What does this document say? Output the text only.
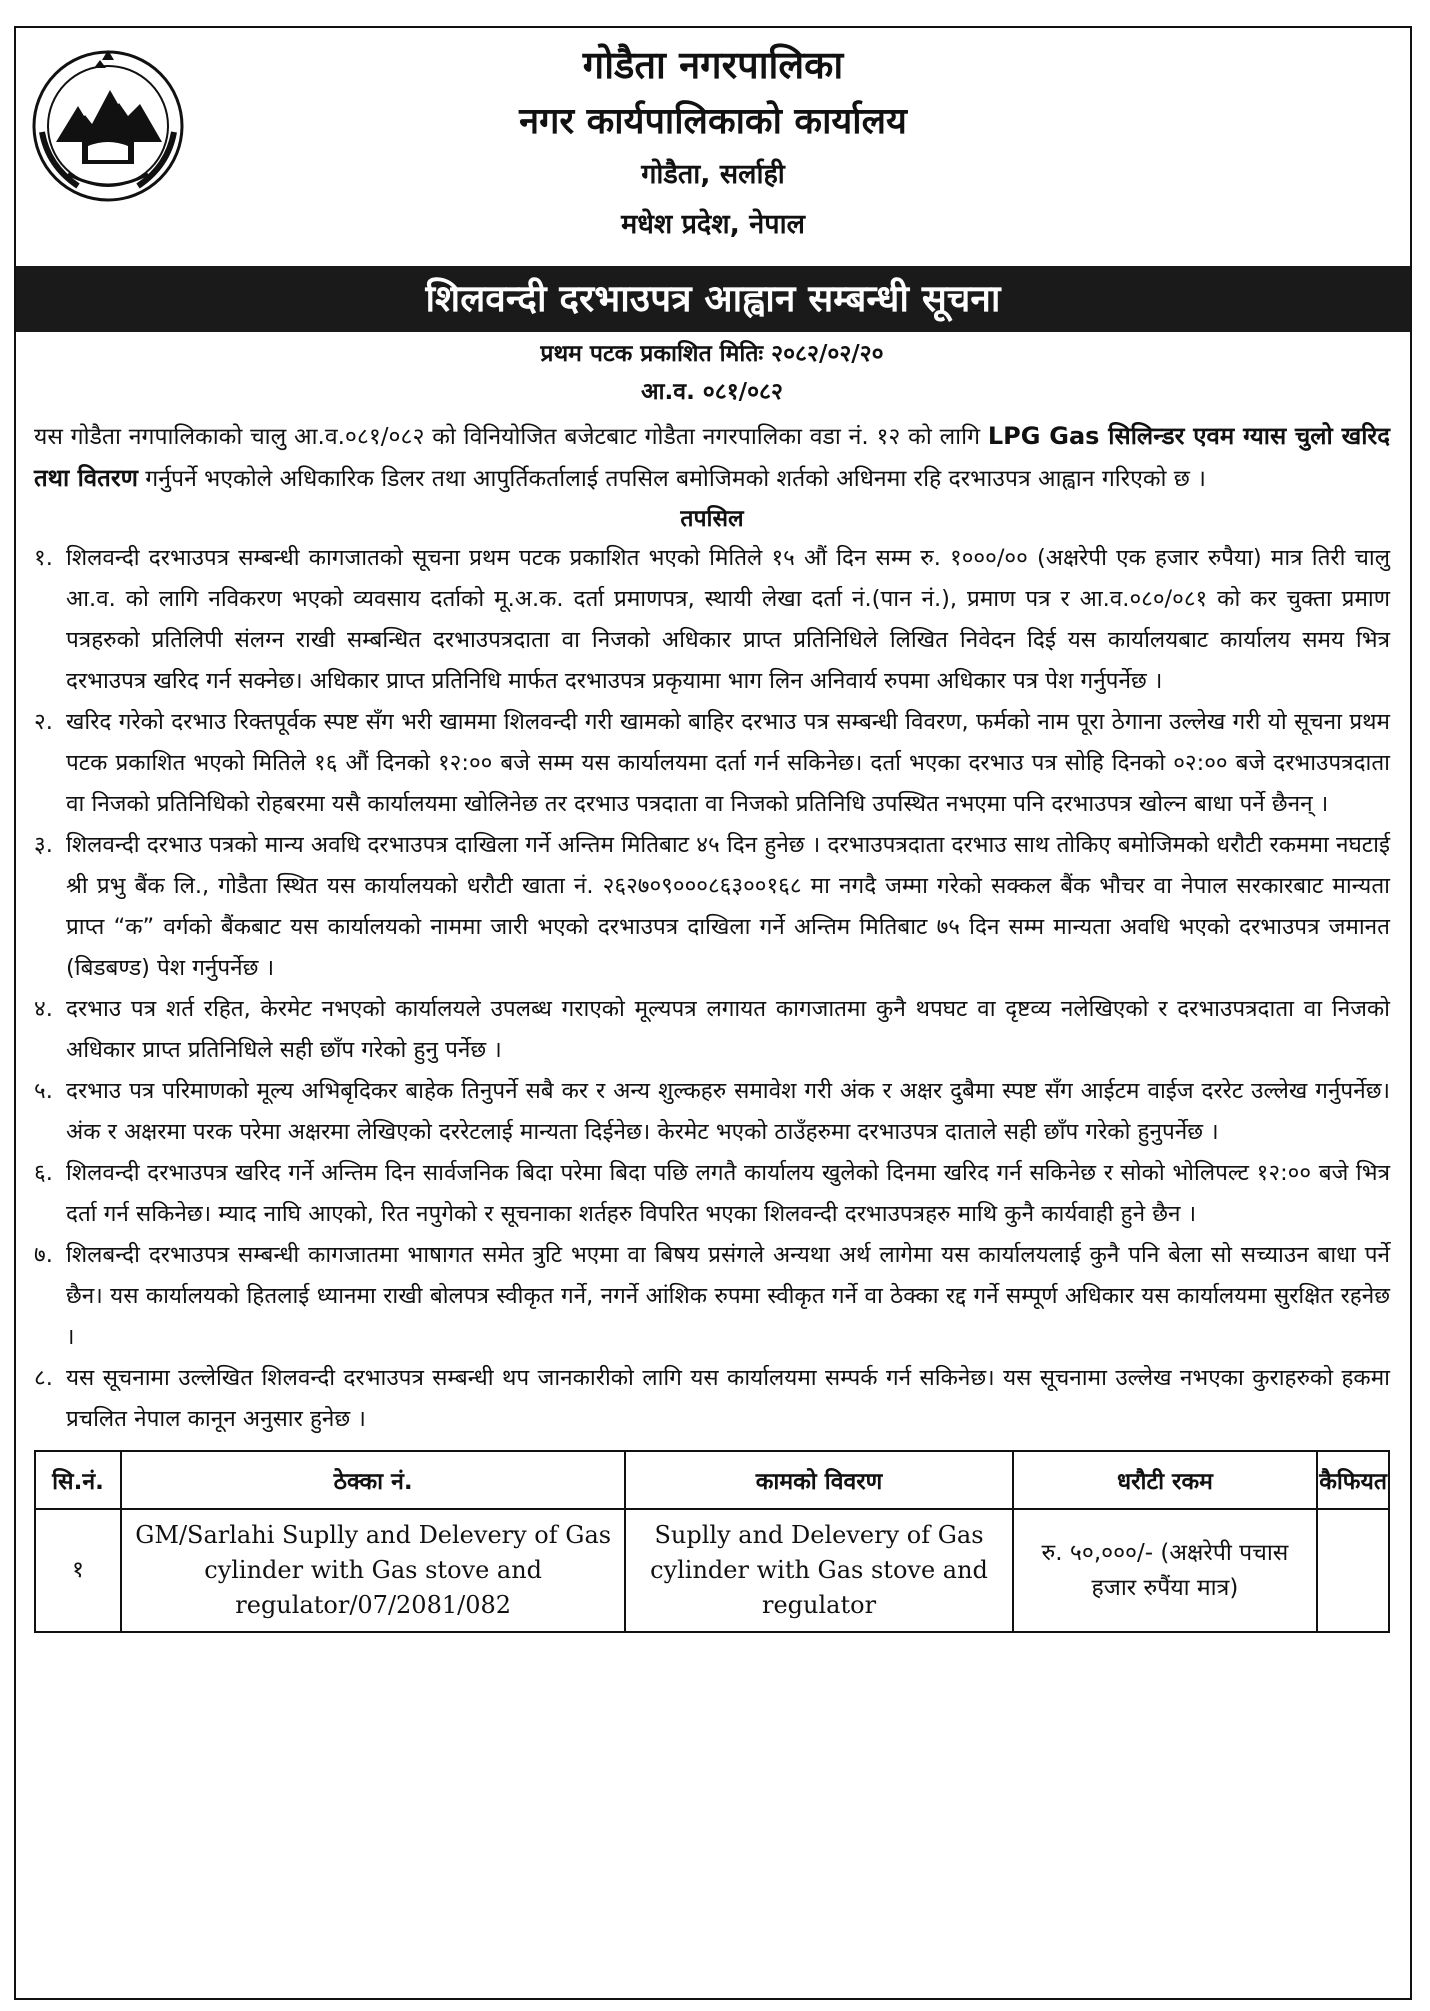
गोडैता नगरपालिका
नगर कार्यपालिकाको कार्यालय
गोडैता, सर्लाही
मधेश प्रदेश, नेपाल
शिलवन्दी दरभाउपत्र आह्वान सम्बन्धी सूचना
प्रथम पटक प्रकाशित मितिः २०८२/०२/२०
आ.व. ०८१/०८२

यस गोडैता नगपालिकाको चालु आ.व.०८१/०८२ को विनियोजित बजेटबाट गोडैता नगरपालिका वडा नं. १२ को लागि LPG Gas सिलिन्डर एवम ग्यास चुलो खरिद तथा वितरण गर्नुपर्ने भएकोले अधिकारिक डिलर तथा आपुर्तिकर्तालाई तपसिल बमोजिमको शर्तको अधिनमा रहि दरभाउपत्र आह्वान गरिएको छ ।

तपसिल
१. शिलवन्दी दरभाउपत्र सम्बन्धी कागजातको सूचना प्रथम पटक प्रकाशित भएको मितिले १५ औं दिन सम्म रु. १०००/०० (अक्षरेपी एक हजार रुपैया) मात्र तिरी चालु आ.व. को लागि नविकरण भएको व्यवसाय दर्ताको मू.अ.क. दर्ता प्रमाणपत्र, स्थायी लेखा दर्ता नं.(पान नं.), प्रमाण पत्र र आ.व.०८०/०८१ को कर चुक्ता प्रमाण पत्रहरुको प्रतिलिपी संलग्न राखी सम्बन्धित दरभाउपत्रदाता वा निजको अधिकार प्राप्त प्रतिनिधिले लिखित निवेदन दिई यस कार्यालयबाट कार्यालय समय भित्र दरभाउपत्र खरिद गर्न सक्नेछ। अधिकार प्राप्त प्रतिनिधि मार्फत दरभाउपत्र प्रकृयामा भाग लिन अनिवार्य रुपमा अधिकार पत्र पेश गर्नुपर्नेछ ।
२. खरिद गरेको दरभाउ रिक्तपूर्वक स्पष्ट सँग भरी खाममा शिलवन्दी गरी खामको बाहिर दरभाउ पत्र सम्बन्धी विवरण, फर्मको नाम पूरा ठेगाना उल्लेख गरी यो सूचना प्रथम पटक प्रकाशित भएको मितिले १६ औं दिनको १२:०० बजे सम्म यस कार्यालयमा दर्ता गर्न सकिनेछ। दर्ता भएका दरभाउ पत्र सोहि दिनको ०२:०० बजे दरभाउपत्रदाता वा निजको प्रतिनिधिको रोहबरमा यसै कार्यालयमा खोलिनेछ तर दरभाउ पत्रदाता वा निजको प्रतिनिधि उपस्थित नभएमा पनि दरभाउपत्र खोल्न बाधा पर्ने छैनन् ।
३. शिलवन्दी दरभाउ पत्रको मान्य अवधि दरभाउपत्र दाखिला गर्ने अन्तिम मितिबाट ४५ दिन हुनेछ । दरभाउपत्रदाता दरभाउ साथ तोकिए बमोजिमको धरौटी रकममा नघटाई श्री प्रभु बैंक लि., गोडैता स्थित यस कार्यालयको धरौटी खाता नं. २६२७०९०००८६३००१६८ मा नगदै जम्मा गरेको सक्कल बैंक भौचर वा नेपाल सरकारबाट मान्यता प्राप्त “क” वर्गको बैंकबाट यस कार्यालयको नाममा जारी भएको दरभाउपत्र दाखिला गर्ने अन्तिम मितिबाट ७५ दिन सम्म मान्यता अवधि भएको दरभाउपत्र जमानत (बिडबण्ड) पेश गर्नुपर्नेछ ।
४. दरभाउ पत्र शर्त रहित, केरमेट नभएको कार्यालयले उपलब्ध गराएको मूल्यपत्र लगायत कागजातमा कुनै थपघट वा दृष्टव्य नलेखिएको र दरभाउपत्रदाता वा निजको अधिकार प्राप्त प्रतिनिधिले सही छाँप गरेको हुनु पर्नेछ ।
५. दरभाउ पत्र परिमाणको मूल्य अभिबृदिकर बाहेक तिनुपर्ने सबै कर र अन्य शुल्कहरु समावेश गरी अंक र अक्षर दुबैमा स्पष्ट सँग आईटम वाईज दररेट उल्लेख गर्नुपर्नेछ। अंक र अक्षरमा परक परेमा अक्षरमा लेखिएको दररेटलाई मान्यता दिईनेछ। केरमेट भएको ठाउँहरुमा दरभाउपत्र दाताले सही छाँप गरेको हुनुपर्नेछ ।
६. शिलवन्दी दरभाउपत्र खरिद गर्ने अन्तिम दिन सार्वजनिक बिदा परेमा बिदा पछि लगतै कार्यालय खुलेको दिनमा खरिद गर्न सकिनेछ र सोको भोलिपल्ट १२:०० बजे भित्र दर्ता गर्न सकिनेछ। म्याद नाघि आएको, रित नपुगेको र सूचनाका शर्तहरु विपरित भएका शिलवन्दी दरभाउपत्रहरु माथि कुनै कार्यवाही हुने छैन ।
७. शिलबन्दी दरभाउपत्र सम्बन्धी कागजातमा भाषागत समेत त्रुटि भएमा वा बिषय प्रसंगले अन्यथा अर्थ लागेमा यस कार्यालयलाई कुनै पनि बेला सो सच्याउन बाधा पर्ने छैन। यस कार्यालयको हितलाई ध्यानमा राखी बोलपत्र स्वीकृत गर्ने, नगर्ने आंशिक रुपमा स्वीकृत गर्ने वा ठेक्का रद्द गर्ने सम्पूर्ण अधिकार यस कार्यालयमा सुरक्षित रहनेछ ।
८. यस सूचनामा उल्लेखित शिलवन्दी दरभाउपत्र सम्बन्धी थप जानकारीको लागि यस कार्यालयमा सम्पर्क गर्न सकिनेछ। यस सूचनामा उल्लेख नभएका कुराहरुको हकमा प्रचलित नेपाल कानून अनुसार हुनेछ ।
सि.नं.	ठेक्का नं.	कामको विवरण	धरौटी रकम	कैफियत
१	GM/Sarlahi Suplly and Delevery of Gas cylinder with Gas stove and regulator/07/2081/082	Suplly and Delevery of Gas cylinder with Gas stove and regulator	रु. ५०,०००/- (अक्षरेपी पचास हजार रुपैंया मात्र)	
